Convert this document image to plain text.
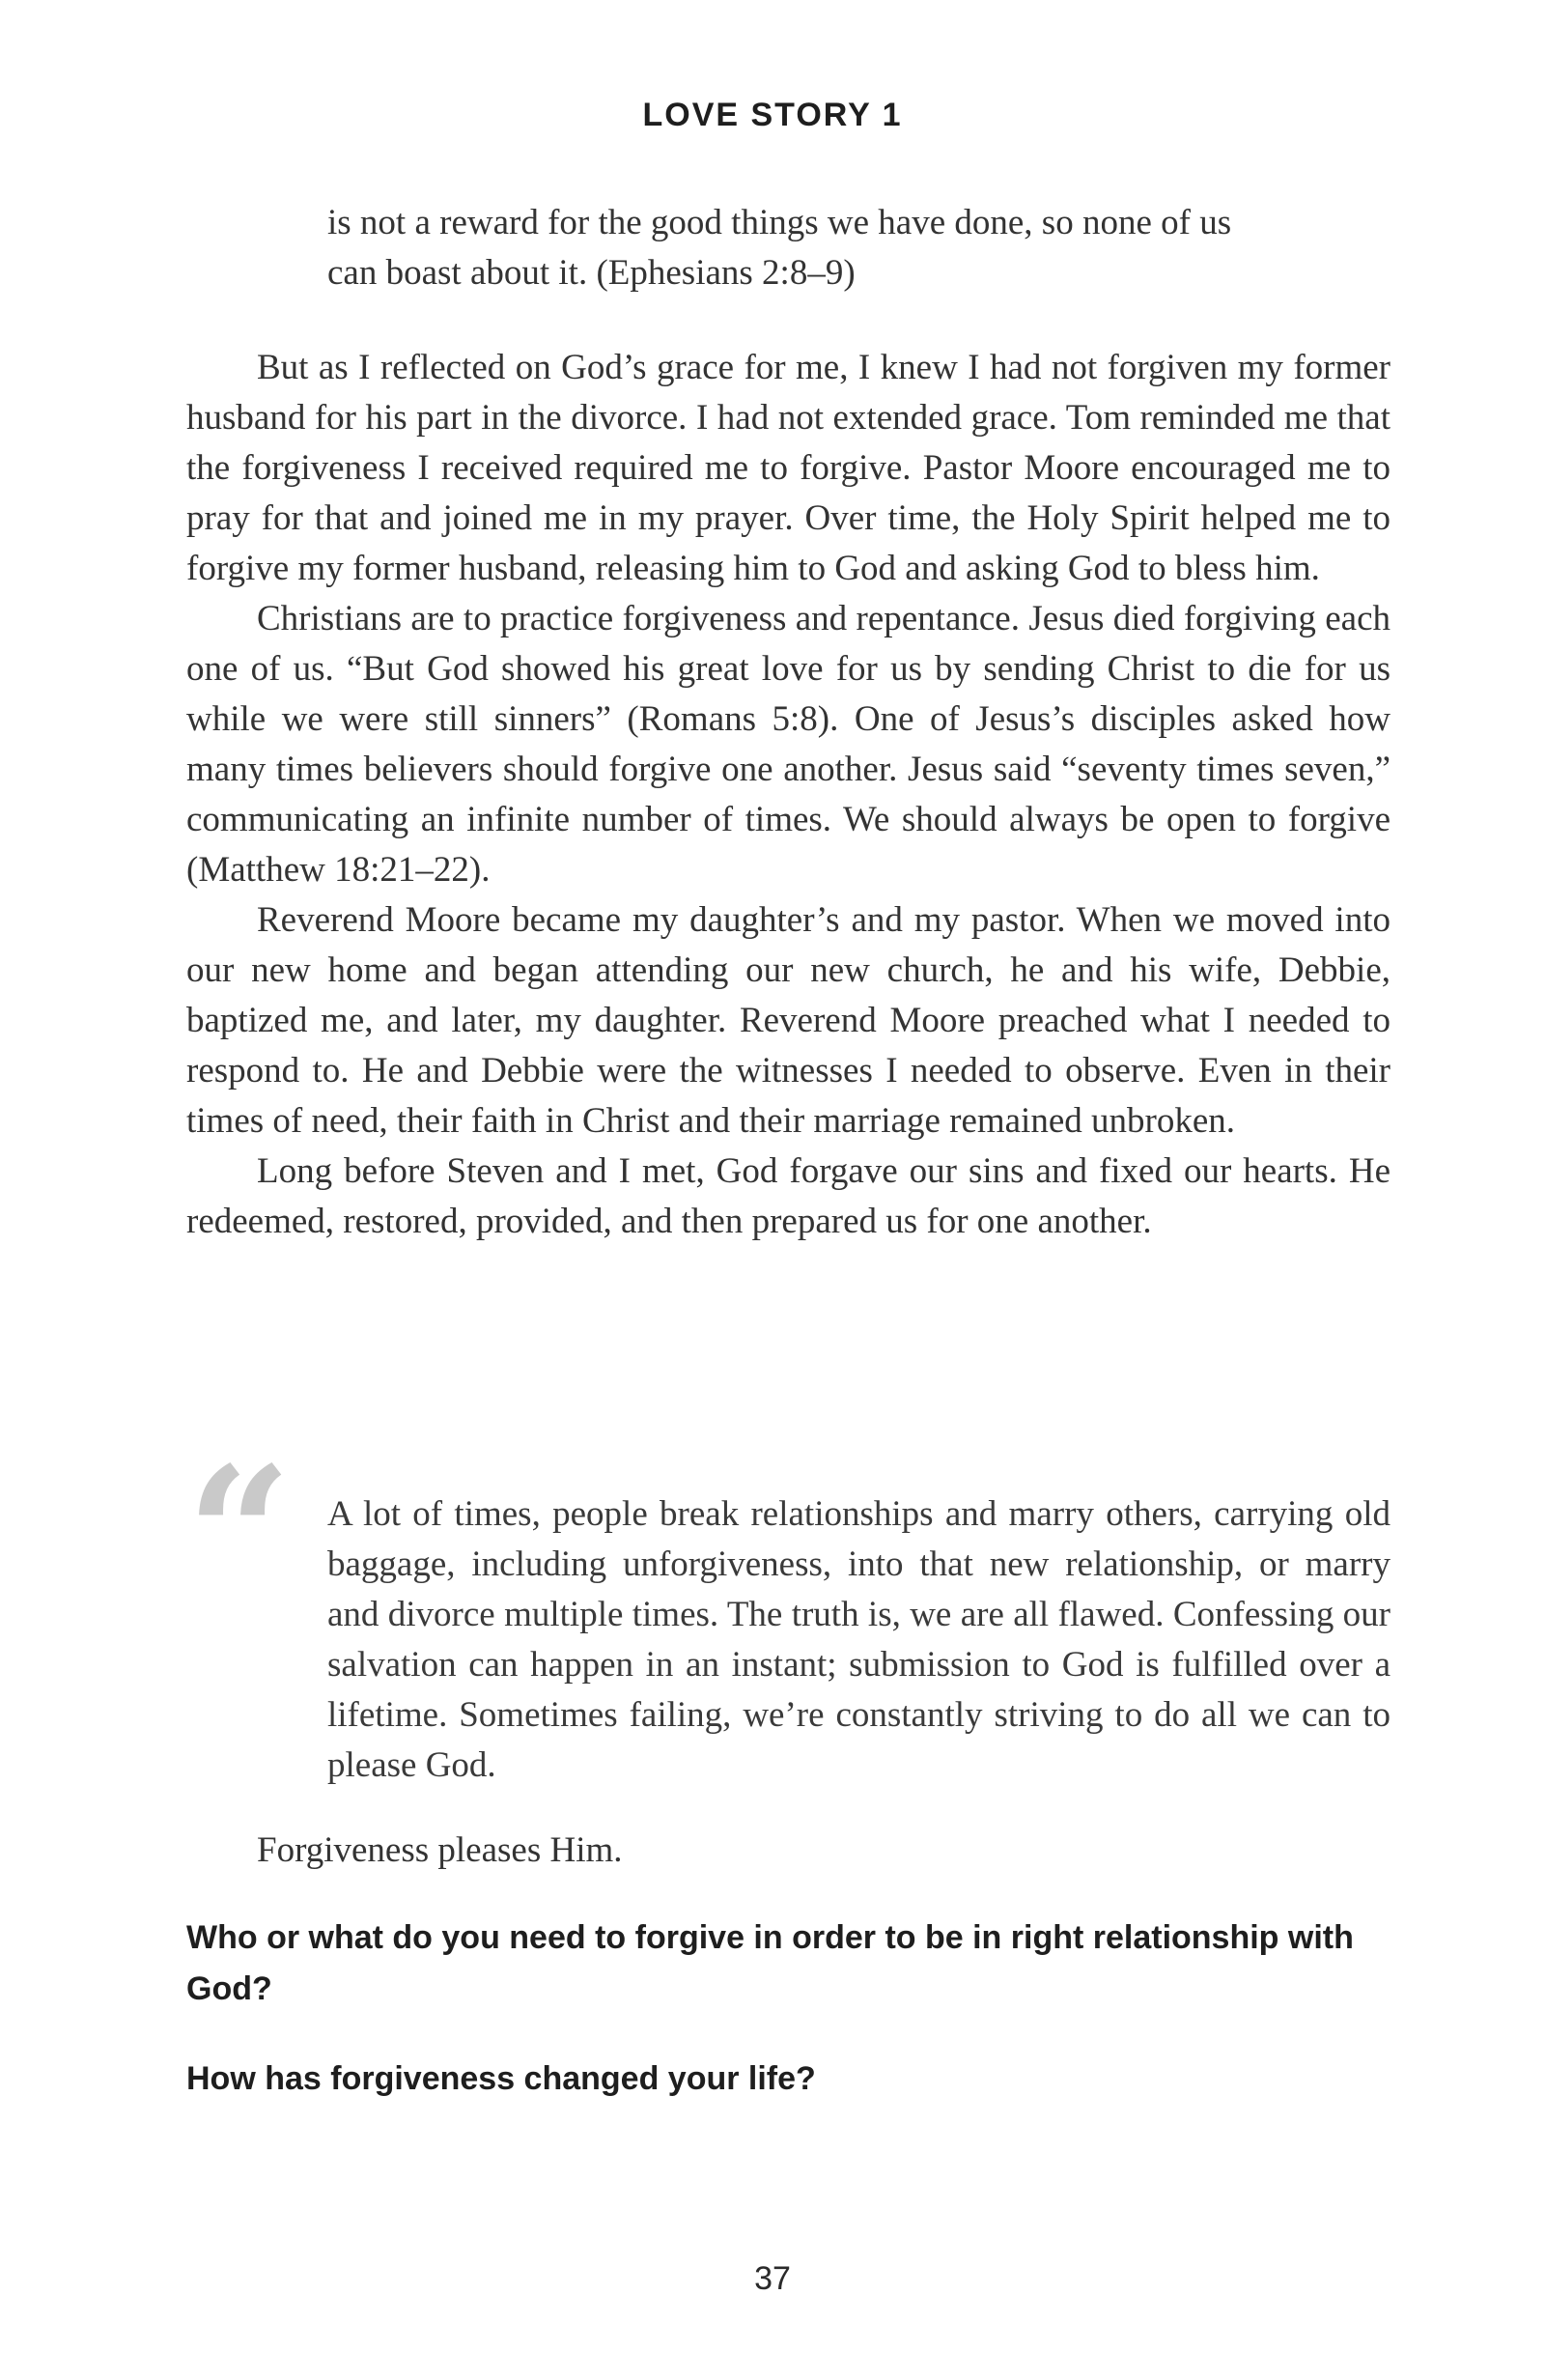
LOVE STORY 1

is not a reward for the good things we have done, so none of us can boast about it. (Ephesians 2:8–9)

But as I reflected on God’s grace for me, I knew I had not forgiven my former husband for his part in the divorce. I had not extended grace. Tom reminded me that the forgiveness I received required me to forgive. Pastor Moore encouraged me to pray for that and joined me in my prayer. Over time, the Holy Spirit helped me to forgive my former husband, releasing him to God and asking God to bless him.

Christians are to practice forgiveness and repentance. Jesus died forgiving each one of us. “But God showed his great love for us by sending Christ to die for us while we were still sinners” (Romans 5:8). One of Jesus’s disciples asked how many times believers should forgive one another. Jesus said “seventy times seven,” communicating an infinite number of times. We should always be open to forgive (Matthew 18:21–22).

Reverend Moore became my daughter’s and my pastor. When we moved into our new home and began attending our new church, he and his wife, Debbie, baptized me, and later, my daughter. Reverend Moore preached what I needed to respond to. He and Debbie were the witnesses I needed to observe. Even in their times of need, their faith in Christ and their marriage remained unbroken.

Long before Steven and I met, God forgave our sins and fixed our hearts. He redeemed, restored, provided, and then prepared us for one another.

“ A lot of times, people break relationships and marry others, carrying old baggage, including unforgiveness, into that new relationship, or marry and divorce multiple times. The truth is, we are all flawed. Confessing our salvation can happen in an instant; submission to God is fulfilled over a lifetime. Sometimes failing, we’re constantly striving to do all we can to please God.

Forgiveness pleases Him.

Who or what do you need to forgive in order to be in right relationship with God?

How has forgiveness changed your life?

37
